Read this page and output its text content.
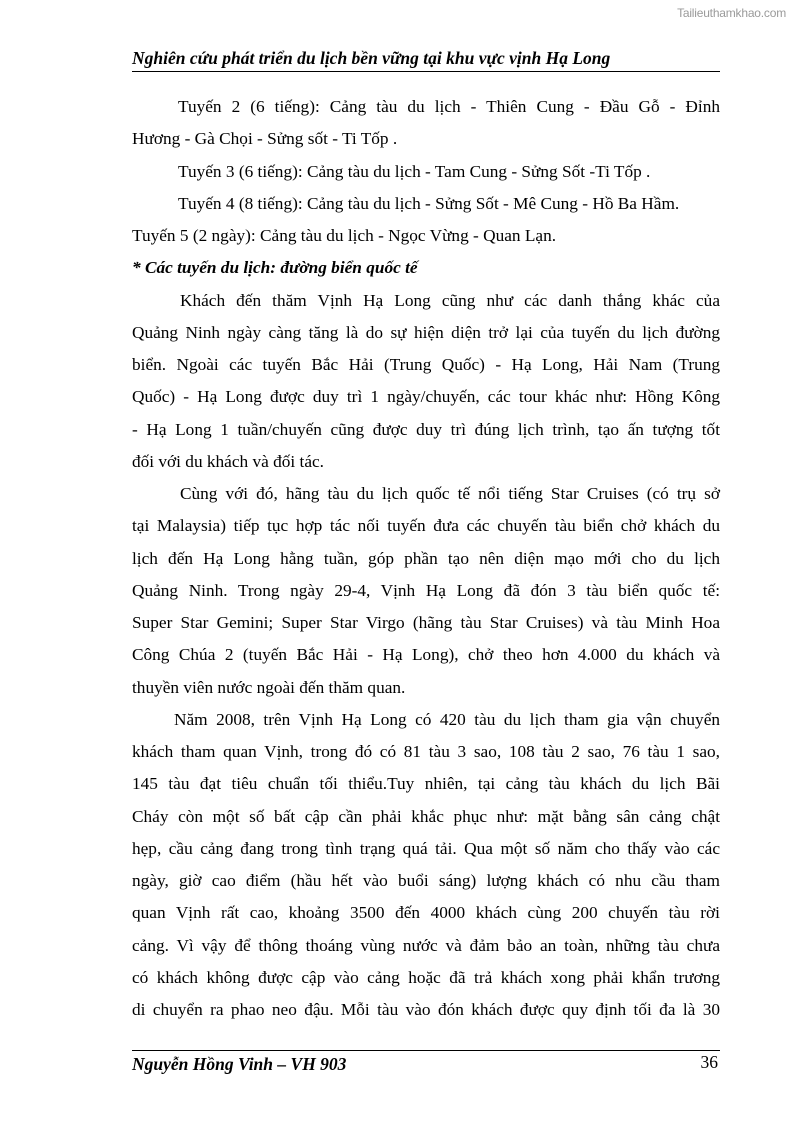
Tailieuthamkhao.com
Nghiên cứu phát triển du lịch bền vững tại khu vực vịnh Hạ Long
Tuyến 2 (6 tiếng): Cảng tàu du lịch - Thiên Cung - Đầu Gỗ - Đỉnh
Hương - Gà Chọi - Sửng sốt - Ti Tốp .
Tuyến 3 (6 tiếng): Cảng tàu du lịch - Tam Cung - Sửng Sốt -Ti Tốp .
Tuyến 4 (8 tiếng): Cảng tàu du lịch - Sửng Sốt - Mê Cung - Hồ Ba Hầm.
Tuyến 5 (2 ngày): Cảng tàu du lịch - Ngọc Vừng - Quan Lạn.
* Các tuyến du lịch: đường biển quốc tế
Khách đến thăm Vịnh Hạ Long cũng như các danh thắng khác của
Quảng Ninh ngày càng tăng là do sự hiện diện trở lại của tuyến du lịch đường
biển. Ngoài các tuyến Bắc Hải (Trung Quốc) - Hạ Long, Hải Nam (Trung
Quốc) - Hạ Long được duy trì 1 ngày/chuyến, các tour khác như: Hồng Kông
- Hạ Long 1 tuần/chuyến cũng được duy trì đúng lịch trình, tạo ấn tượng tốt
đối với du khách và đối tác.
Cùng với đó, hãng tàu du lịch quốc tế nổi tiếng Star Cruises (có trụ sở
tại Malaysia) tiếp tục hợp tác nối tuyến đưa các chuyến tàu biển chở khách du
lịch đến Hạ Long hằng tuần, góp phần tạo nên diện mạo mới cho du lịch
Quảng Ninh. Trong ngày 29-4, Vịnh Hạ Long đã đón 3 tàu biển quốc tế:
Super Star Gemini; Super Star Virgo (hãng tàu Star Cruises) và tàu Minh Hoa
Công Chúa 2 (tuyến Bắc Hải - Hạ Long), chở theo hơn 4.000 du khách và
thuyền viên nước ngoài đến thăm quan.
Năm 2008, trên Vịnh Hạ Long có 420 tàu du lịch tham gia vận chuyển
khách tham quan Vịnh, trong đó có 81 tàu 3 sao, 108 tàu 2 sao, 76 tàu 1 sao,
145 tàu đạt tiêu chuẩn tối thiểu.Tuy nhiên, tại cảng tàu khách du lịch Bãi
Cháy còn một số bất cập cần phải khắc phục như: mặt bằng sân cảng chật
hẹp, cầu cảng đang trong tình trạng quá tải. Qua một số năm cho thấy vào các
ngày, giờ cao điểm (hầu hết vào buổi sáng) lượng khách có nhu cầu tham
quan Vịnh rất cao, khoảng 3500 đến 4000 khách cùng 200 chuyến tàu rời
cảng. Vì vậy để thông thoáng vùng nước và đảm bảo an toàn, những tàu chưa
có khách không được cập vào cảng hoặc đã trả khách xong phải khẩn trương
di chuyển ra phao neo đậu. Mỗi tàu vào đón khách được quy định tối đa là 30
Nguyễn Hồng Vinh – VH 903	36
